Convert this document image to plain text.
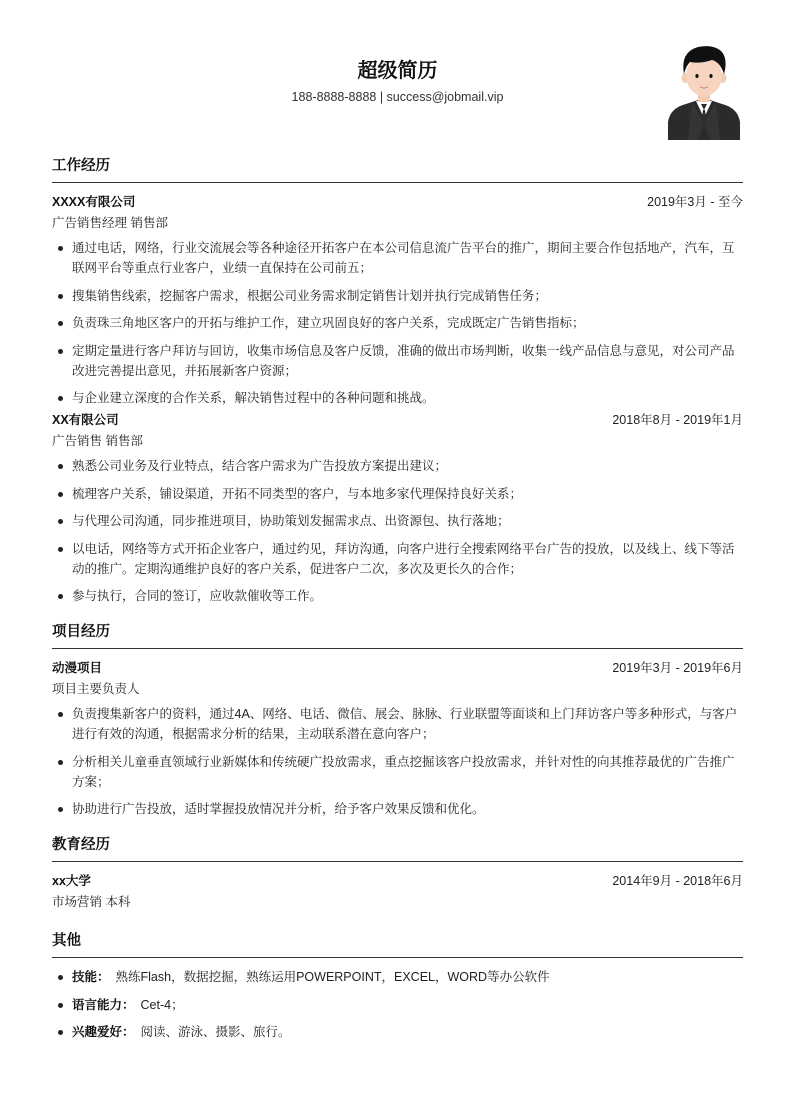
超级简历
188-8888-8888 | success@jobmail.vip
工作经历
XXXX有限公司	2019年3月 - 至今
广告销售经理 销售部
通过电话，网络，行业交流展会等各种途径开拓客户在本公司信息流广告平台的推广，期间主要合作包括地产，汽车，互联网平台等重点行业客户，业绩一直保持在公司前五；
搜集销售线索，挖掘客户需求，根据公司业务需求制定销售计划并执行完成销售任务；
负责珠三角地区客户的开拓与维护工作，建立巩固良好的客户关系，完成既定广告销售指标；
定期定量进行客户拜访与回访，收集市场信息及客户反馈，准确的做出市场判断，收集一线产品信息与意见，对公司产品改进完善提出意见，并拓展新客户资源；
与企业建立深度的合作关系，解决销售过程中的各种问题和挑战。
XX有限公司	2018年8月 - 2019年1月
广告销售 销售部
熟悉公司业务及行业特点，结合客户需求为广告投放方案提出建议；
梳理客户关系，铺设渠道，开拓不同类型的客户，与本地多家代理保持良好关系；
与代理公司沟通，同步推进项目，协助策划发掘需求点、出资源包、执行落地；
以电话，网络等方式开拓企业客户，通过约见，拜访沟通，向客户进行全搜索网络平台广告的投放，以及线上、线下等活动的推广。定期沟通维护良好的客户关系，促进客户二次，多次及更长久的合作；
参与执行，合同的签订，应收款催收等工作。
项目经历
动漫项目	2019年3月 - 2019年6月
项目主要负责人
负责搜集新客户的资料，通过4A、网络、电话、微信、展会、脉脉、行业联盟等面谈和上门拜访客户等多种形式，与客户进行有效的沟通，根据需求分析的结果，主动联系潜在意向客户；
分析相关儿童垂直领域行业新媒体和传统硬广投放需求，重点挖掘该客户投放需求，并针对性的向其推荐最优的广告推广方案；
协助进行广告投放，适时掌握投放情况并分析，给予客户效果反馈和优化。
教育经历
xx大学	2014年9月 - 2018年6月
市场营销 本科
其他
技能： 熟练Flash，数据挖掘，熟练运用POWERPOINT，EXCEL，WORD等办公软件
语言能力： Cet-4；
兴趣爱好： 阅读、游泳、摄影、旅行。
